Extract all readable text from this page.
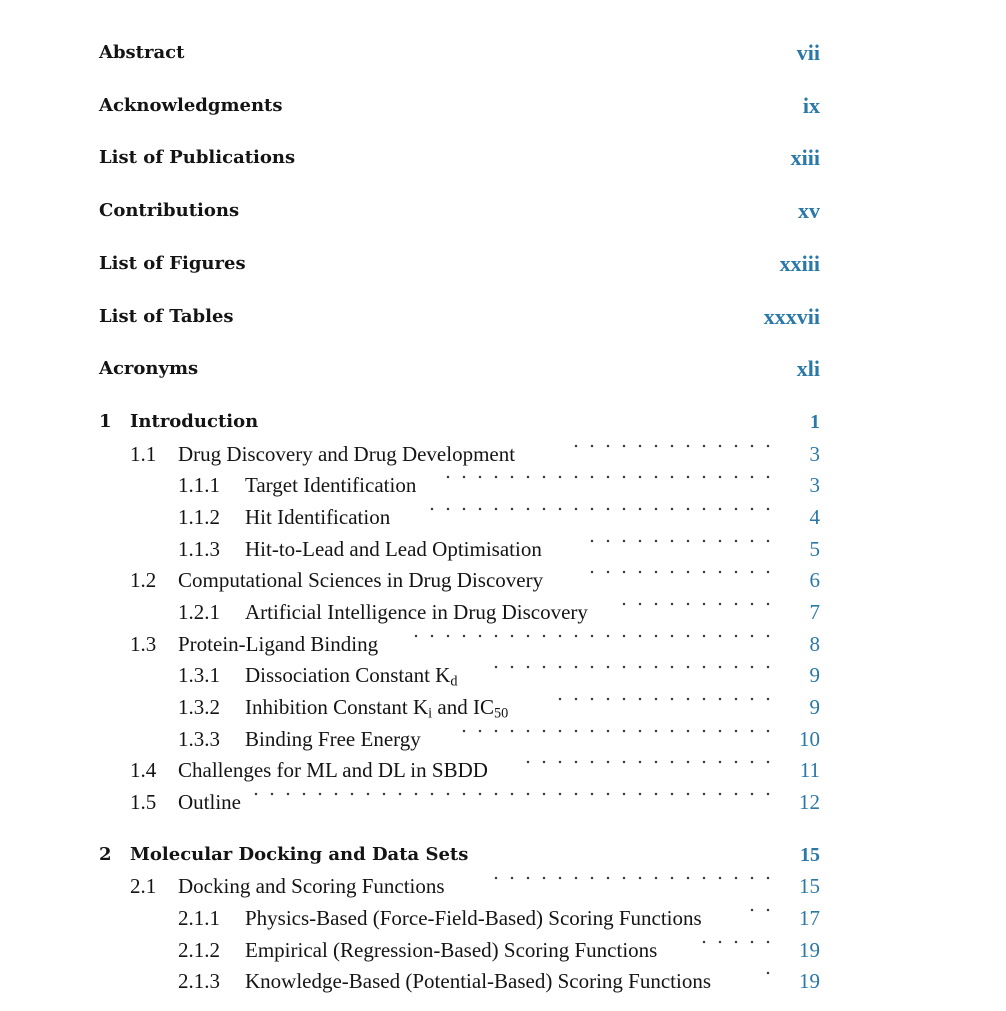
Abstract	vii
Acknowledgments	ix
List of Publications	xiii
Contributions	xv
List of Figures	xxiii
List of Tables	xxxvii
Acronyms	xli
1 Introduction	1
1.1 Drug Discovery and Drug Development	3
1.1.1 Target Identification	3
1.1.2 Hit Identification	4
1.1.3 Hit-to-Lead and Lead Optimisation	5
1.2 Computational Sciences in Drug Discovery	6
1.2.1 Artificial Intelligence in Drug Discovery	7
1.3 Protein-Ligand Binding	8
1.3.1 Dissociation Constant $K_d$	9
1.3.2 Inhibition Constant $K_i$ and $IC_{50}$	9
1.3.3 Binding Free Energy	10
1.4 Challenges for ML and DL in SBDD	11
1.5 Outline	12
2 Molecular Docking and Data Sets	15
2.1 Docking and Scoring Functions	15
2.1.1 Physics-Based (Force-Field-Based) Scoring Functions	17
2.1.2 Empirical (Regression-Based) Scoring Functions	19
2.1.3 Knowledge-Based (Potential-Based) Scoring Functions	19
